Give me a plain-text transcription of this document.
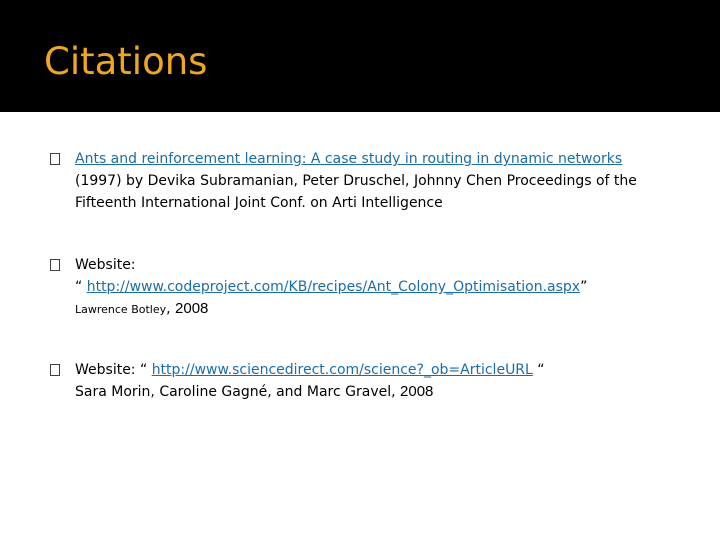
Citations
Ants and reinforcement learning: A case study in routing in dynamic networks
(1997) by Devika Subramanian, Peter Druschel, Johnny Chen Proceedings of the
Fifteenth International Joint Conf. on Arti Intelligence
Website:
“ http://www.codeproject.com/KB/recipes/Ant_Colony_Optimisation.aspx”
Lawrence Botley, 2008
Website: “ http://www.sciencedirect.com/science?_ob=ArticleURL “
Sara Morin, Caroline Gagné, and Marc Gravel, 2008
